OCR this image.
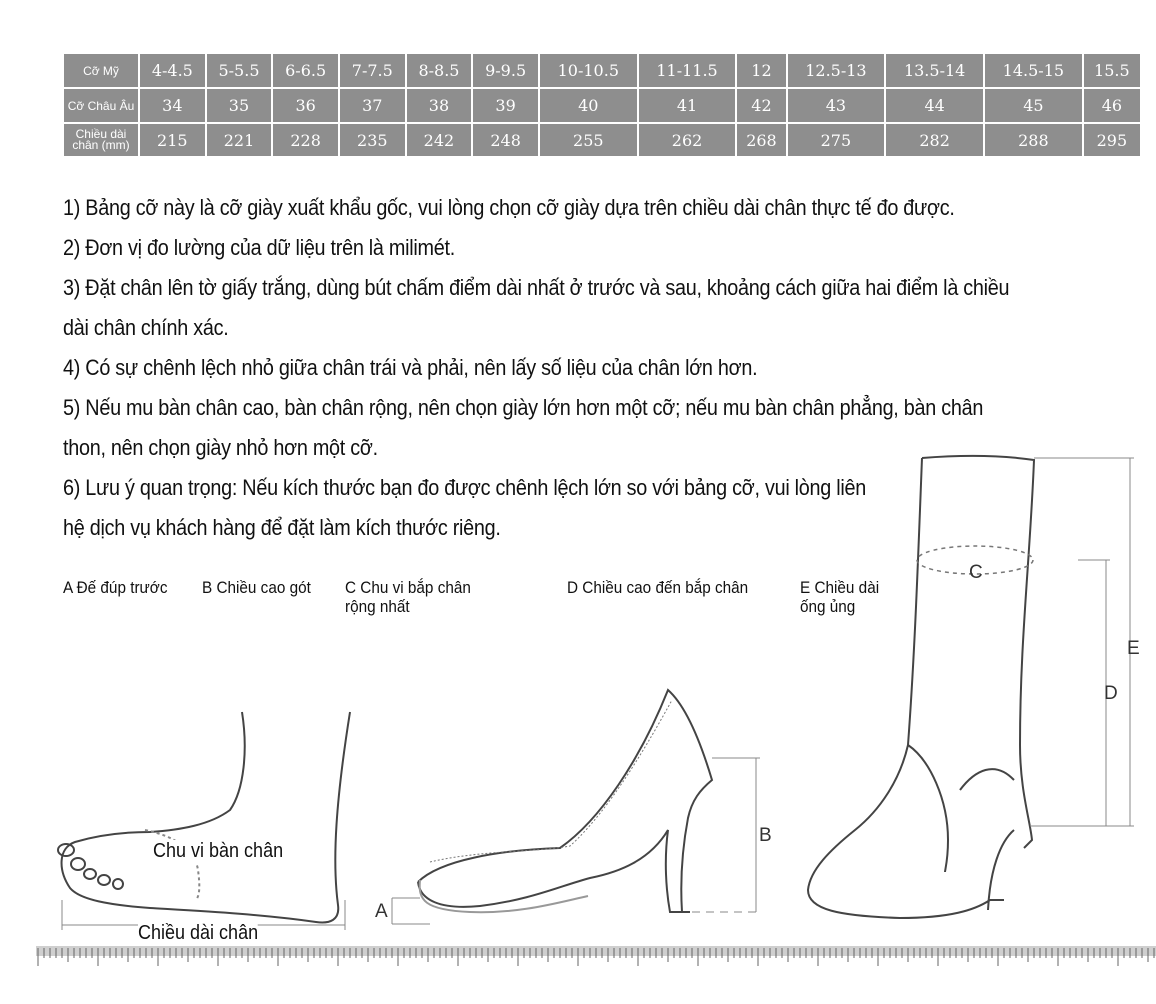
Cỡ Mỹ	4-4.5	5-5.5	6-6.5	7-7.5	8-8.5	9-9.5	10-10.5	11-11.5	12	12.5-13	13.5-14	14.5-15	15.5
Cỡ Châu Âu	34	35	36	37	38	39	40	41	42	43	44	45	46
Chiều dài chân (mm)	215	221	228	235	242	248	255	262	268	275	282	288	295

1) Bảng cỡ này là cỡ giày xuất khẩu gốc, vui lòng chọn cỡ giày dựa trên chiều dài chân thực tế đo được.

2) Đơn vị đo lường của dữ liệu trên là milimét.

3) Đặt chân lên tờ giấy trắng, dùng bút chấm điểm dài nhất ở trước và sau, khoảng cách giữa hai điểm là chiều dài chân chính xác.

4) Có sự chênh lệch nhỏ giữa chân trái và phải, nên lấy số liệu của chân lớn hơn.

5) Nếu mu bàn chân cao, bàn chân rộng, nên chọn giày lớn hơn một cỡ; nếu mu bàn chân phẳng, bàn chân thon, nên chọn giày nhỏ hơn một cỡ.

6) Lưu ý quan trọng: Nếu kích thước bạn đo được chênh lệch lớn so với bảng cỡ, vui lòng liên hệ dịch vụ khách hàng để đặt làm kích thước riêng.

A Đế đúp trước B Chiều cao gót C Chu vi bắp chân rộng nhất
D Chiều cao đến bắp chân	E Chiều dài ống ủng
Chu vi bàn chân
Chiều dài chân
A
B
C
D
E
